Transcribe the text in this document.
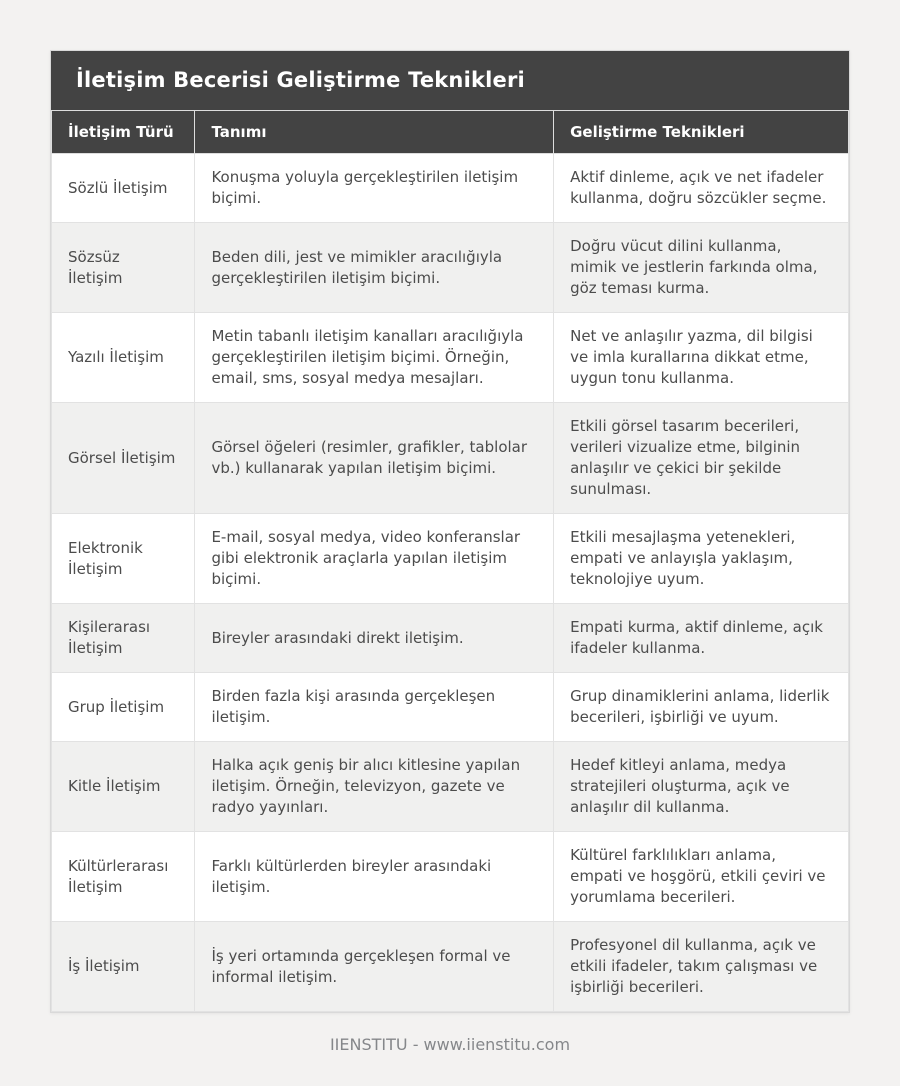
İletişim Becerisi Geliştirme Teknikleri
İletişim Türü	Tanımı	Geliştirme Teknikleri
Sözlü İletişim	Konuşma yoluyla gerçekleştirilen iletişim biçimi.	Aktif dinleme, açık ve net ifadeler kullanma, doğru sözcükler seçme.
Sözsüz İletişim	Beden dili, jest ve mimikler aracılığıyla gerçekleştirilen iletişim biçimi.	Doğru vücut dilini kullanma, mimik ve jestlerin farkında olma, göz teması kurma.
Yazılı İletişim	Metin tabanlı iletişim kanalları aracılığıyla gerçekleştirilen iletişim biçimi. Örneğin, email, sms, sosyal medya mesajları.	Net ve anlaşılır yazma, dil bilgisi ve imla kurallarına dikkat etme, uygun tonu kullanma.
Görsel İletişim	Görsel öğeleri (resimler, grafikler, tablolar vb.) kullanarak yapılan iletişim biçimi.	Etkili görsel tasarım becerileri, verileri vizualize etme, bilginin anlaşılır ve çekici bir şekilde sunulması.
Elektronik İletişim	E-mail, sosyal medya, video konferanslar gibi elektronik araçlarla yapılan iletişim biçimi.	Etkili mesajlaşma yetenekleri, empati ve anlayışla yaklaşım, teknolojiye uyum.
Kişilerarası İletişim	Bireyler arasındaki direkt iletişim.	Empati kurma, aktif dinleme, açık ifadeler kullanma.
Grup İletişim	Birden fazla kişi arasında gerçekleşen iletişim.	Grup dinamiklerini anlama, liderlik becerileri, işbirliği ve uyum.
Kitle İletişim	Halka açık geniş bir alıcı kitlesine yapılan iletişim. Örneğin, televizyon, gazete ve radyo yayınları.	Hedef kitleyi anlama, medya stratejileri oluşturma, açık ve anlaşılır dil kullanma.
Kültürlerarası İletişim	Farklı kültürlerden bireyler arasındaki iletişim.	Kültürel farklılıkları anlama, empati ve hoşgörü, etkili çeviri ve yorumlama becerileri.
İş İletişim	İş yeri ortamında gerçekleşen formal ve informal iletişim.	Profesyonel dil kullanma, açık ve etkili ifadeler, takım çalışması ve işbirliği becerileri.
IIENSTITU - www.iienstitu.com
